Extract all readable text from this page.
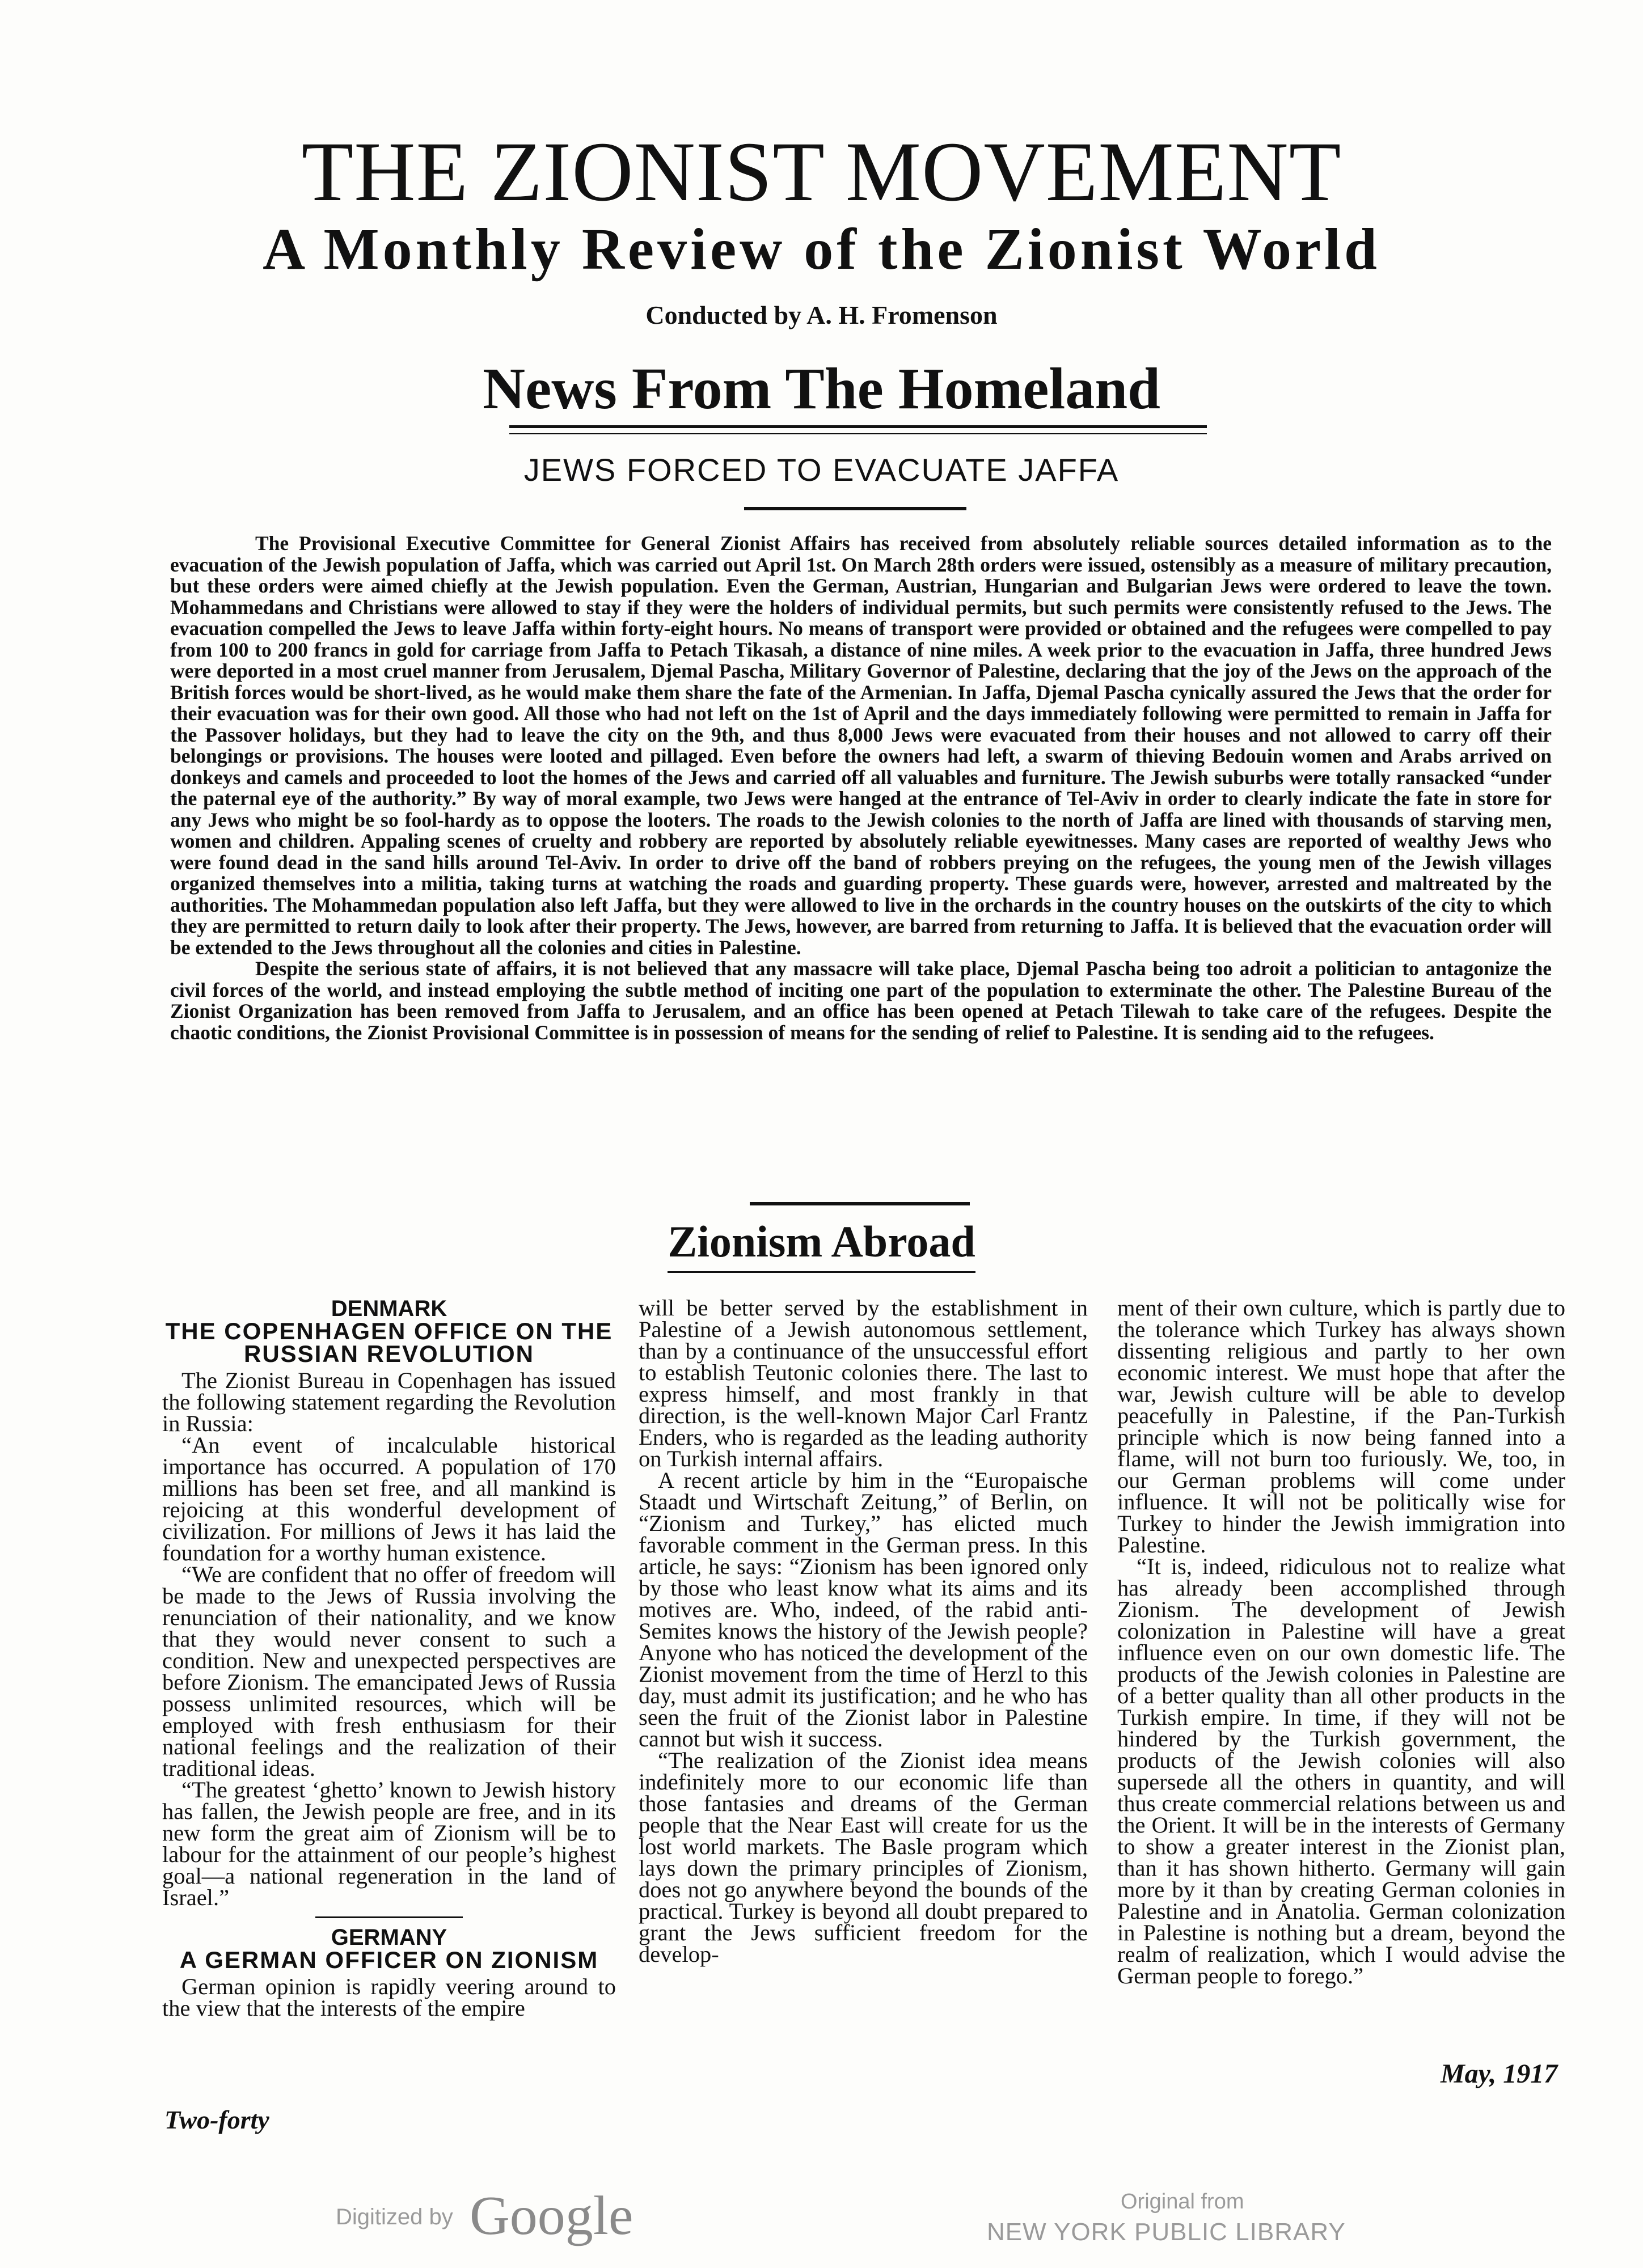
THE ZIONIST MOVEMENT
A Monthly Review of the Zionist World
Conducted by A. H. Fromenson
News From The Homeland
JEWS FORCED TO EVACUATE JAFFA

The Provisional Executive Committee for General Zionist Affairs has received from absolutely reliable sources detailed information as to the evacuation of the Jewish population of Jaffa, which was carried out April 1st. On March 28th orders were issued, ostensibly as a measure of military precaution, but these orders were aimed chiefly at the Jewish population. Even the German, Austrian, Hungarian and Bulgarian Jews were ordered to leave the town. Mohammedans and Christians were allowed to stay if they were the holders of individual permits, but such permits were consistently refused to the Jews. The evacuation compelled the Jews to leave Jaffa within forty-eight hours. No means of transport were provided or obtained and the refugees were compelled to pay from 100 to 200 francs in gold for carriage from Jaffa to Petach Tikasah, a distance of nine miles. A week prior to the evacuation in Jaffa, three hundred Jews were deported in a most cruel manner from Jerusalem, Djemal Pascha, Military Governor of Palestine, declaring that the joy of the Jews on the approach of the British forces would be short-lived, as he would make them share the fate of the Armenian. In Jaffa, Djemal Pascha cynically assured the Jews that the order for their evacuation was for their own good. All those who had not left on the 1st of April and the days immediately following were permitted to remain in Jaffa for the Passover holidays, but they had to leave the city on the 9th, and thus 8,000 Jews were evacuated from their houses and not allowed to carry off their belongings or provisions. The houses were looted and pillaged. Even before the owners had left, a swarm of thieving Bedouin women and Arabs arrived on donkeys and camels and proceeded to loot the homes of the Jews and carried off all valuables and furniture. The Jewish suburbs were totally ransacked “under the paternal eye of the authority.” By way of moral example, two Jews were hanged at the entrance of Tel-Aviv in order to clearly indicate the fate in store for any Jews who might be so fool-hardy as to oppose the looters. The roads to the Jewish colonies to the north of Jaffa are lined with thousands of starving men, women and children. Appaling scenes of cruelty and robbery are reported by absolutely reliable eyewitnesses. Many cases are reported of wealthy Jews who were found dead in the sand hills around Tel-Aviv. In order to drive off the band of robbers preying on the refugees, the young men of the Jewish villages organized themselves into a militia, taking turns at watching the roads and guarding property. These guards were, however, arrested and maltreated by the authorities. The Mohammedan population also left Jaffa, but they were allowed to live in the orchards in the country houses on the outskirts of the city to which they are permitted to return daily to look after their property. The Jews, however, are barred from returning to Jaffa. It is believed that the evacuation order will be extended to the Jews throughout all the colonies and cities in Palestine.

Despite the serious state of affairs, it is not believed that any massacre will take place, Djemal Pascha being too adroit a politician to antagonize the civil forces of the world, and instead employing the subtle method of inciting one part of the population to exterminate the other. The Palestine Bureau of the Zionist Organization has been removed from Jaffa to Jerusalem, and an office has been opened at Petach Tilewah to take care of the refugees. Despite the chaotic conditions, the Zionist Provisional Committee is in possession of means for the sending of relief to Palestine. It is sending aid to the refugees.

Zionism Abroad
DENMARK
THE COPENHAGEN OFFICE ON THE RUSSIAN REVOLUTION

The Zionist Bureau in Copenhagen has issued the following statement regarding the Revolution in Russia:

“An event of incalculable historical importance has occurred. A population of 170 millions has been set free, and all mankind is rejoicing at this wonderful development of civilization. For millions of Jews it has laid the foundation for a worthy human existence.

“We are confident that no offer of freedom will be made to the Jews of Russia involving the renunciation of their nationality, and we know that they would never consent to such a condition. New and unexpected perspectives are before Zionism. The emancipated Jews of Russia possess unlimited resources, which will be employed with fresh enthusiasm for their national feelings and the realization of their traditional ideas.

“The greatest ‘ghetto’ known to Jewish history has fallen, the Jewish people are free, and in its new form the great aim of Zionism will be to labour for the attainment of our people’s highest goal—a national regeneration in the land of Israel.”

GERMANY
A GERMAN OFFICER ON ZIONISM

German opinion is rapidly veering around to the view that the interests of the empire

will be better served by the establishment in Palestine of a Jewish autonomous settlement, than by a continuance of the unsuccessful effort to establish Teutonic colonies there. The last to express himself, and most frankly in that direction, is the well-known Major Carl Frantz Enders, who is regarded as the leading authority on Turkish internal affairs.

A recent article by him in the “Europaische Staadt und Wirtschaft Zeitung,” of Berlin, on “Zionism and Turkey,” has elicted much favorable comment in the German press. In this article, he says: “Zionism has been ignored only by those who least know what its aims and its motives are. Who, indeed, of the rabid anti-Semites knows the history of the Jewish people? Anyone who has noticed the development of the Zionist movement from the time of Herzl to this day, must admit its justification; and he who has seen the fruit of the Zionist labor in Palestine cannot but wish it success.

“The realization of the Zionist idea means indefinitely more to our economic life than those fantasies and dreams of the German people that the Near East will create for us the lost world markets. The Basle program which lays down the primary principles of Zionism, does not go anywhere beyond the bounds of the practical. Turkey is beyond all doubt prepared to grant the Jews sufficient freedom for the develop-

ment of their own culture, which is partly due to the tolerance which Turkey has always shown dissenting religious and partly to her own economic interest. We must hope that after the war, Jewish culture will be able to develop peacefully in Palestine, if the Pan-Turkish principle which is now being fanned into a flame, will not burn too furiously. We, too, in our German problems will come under influence. It will not be politically wise for Turkey to hinder the Jewish immigration into Palestine.

“It is, indeed, ridiculous not to realize what has already been accomplished through Zionism. The development of Jewish colonization in Palestine will have a great influence even on our own domestic life. The products of the Jewish colonies in Palestine are of a better quality than all other products in the Turkish empire. In time, if they will not be hindered by the Turkish government, the products of the Jewish colonies will also supersede all the others in quantity, and will thus create commercial relations between us and the Orient. It will be in the interests of Germany to show a greater interest in the Zionist plan, than it has shown hitherto. Germany will gain more by it than by creating German colonies in Palestine and in Anatolia. German colonization in Palestine is nothing but a dream, beyond the realm of realization, which I would advise the German people to forego.”

Two-forty
May, 1917
Digitized by Google	Original from
NEW YORK PUBLIC LIBRARY
